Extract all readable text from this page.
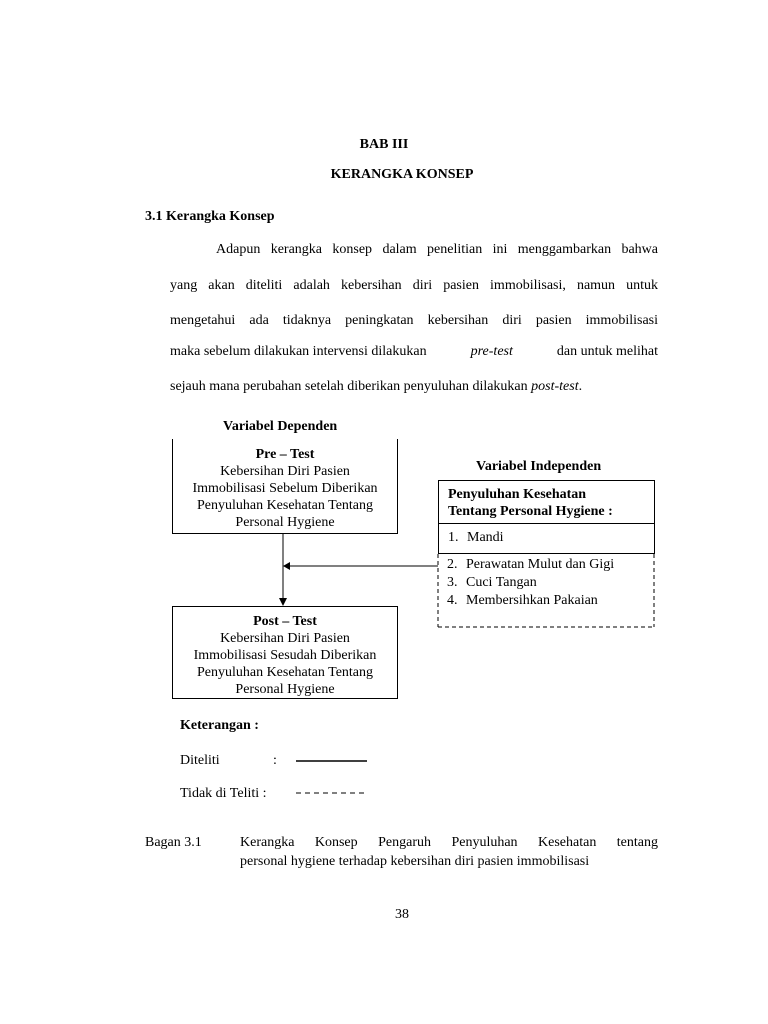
BAB III
KERANGKA KONSEP
3.1 Kerangka Konsep
Adapun kerangka konsep dalam penelitian ini menggambarkan bahwa
yang akan diteliti adalah kebersihan diri pasien immobilisasi, namun untuk
mengetahui ada tidaknya peningkatan kebersihan diri pasien immobilisasi
maka sebelum dilakukan intervensi dilakukan	pre-test	dan untuk melihat
sejauh mana perubahan setelah diberikan penyuluhan dilakukan post-test.
Variabel Dependen
Variabel Independen
Pre – Test
Kebersihan Diri Pasien
Immobilisasi Sebelum Diberikan
Penyuluhan Kesehatan Tentang
Personal Hygiene
Post – Test
Kebersihan Diri Pasien
Immobilisasi Sesudah Diberikan
Penyuluhan Kesehatan Tentang
Personal Hygiene
Penyuluhan Kesehatan
Tentang Personal Hygiene :
1. Mandi
2. Perawatan Mulut dan Gigi
3. Cuci Tangan
4. Membersihkan Pakaian
Keterangan :
Diteliti	:
Tidak di Teliti :
Bagan 3.1	Kerangka Konsep Pengaruh Penyuluhan Kesehatan tentang
personal hygiene terhadap kebersihan diri pasien immobilisasi
38
